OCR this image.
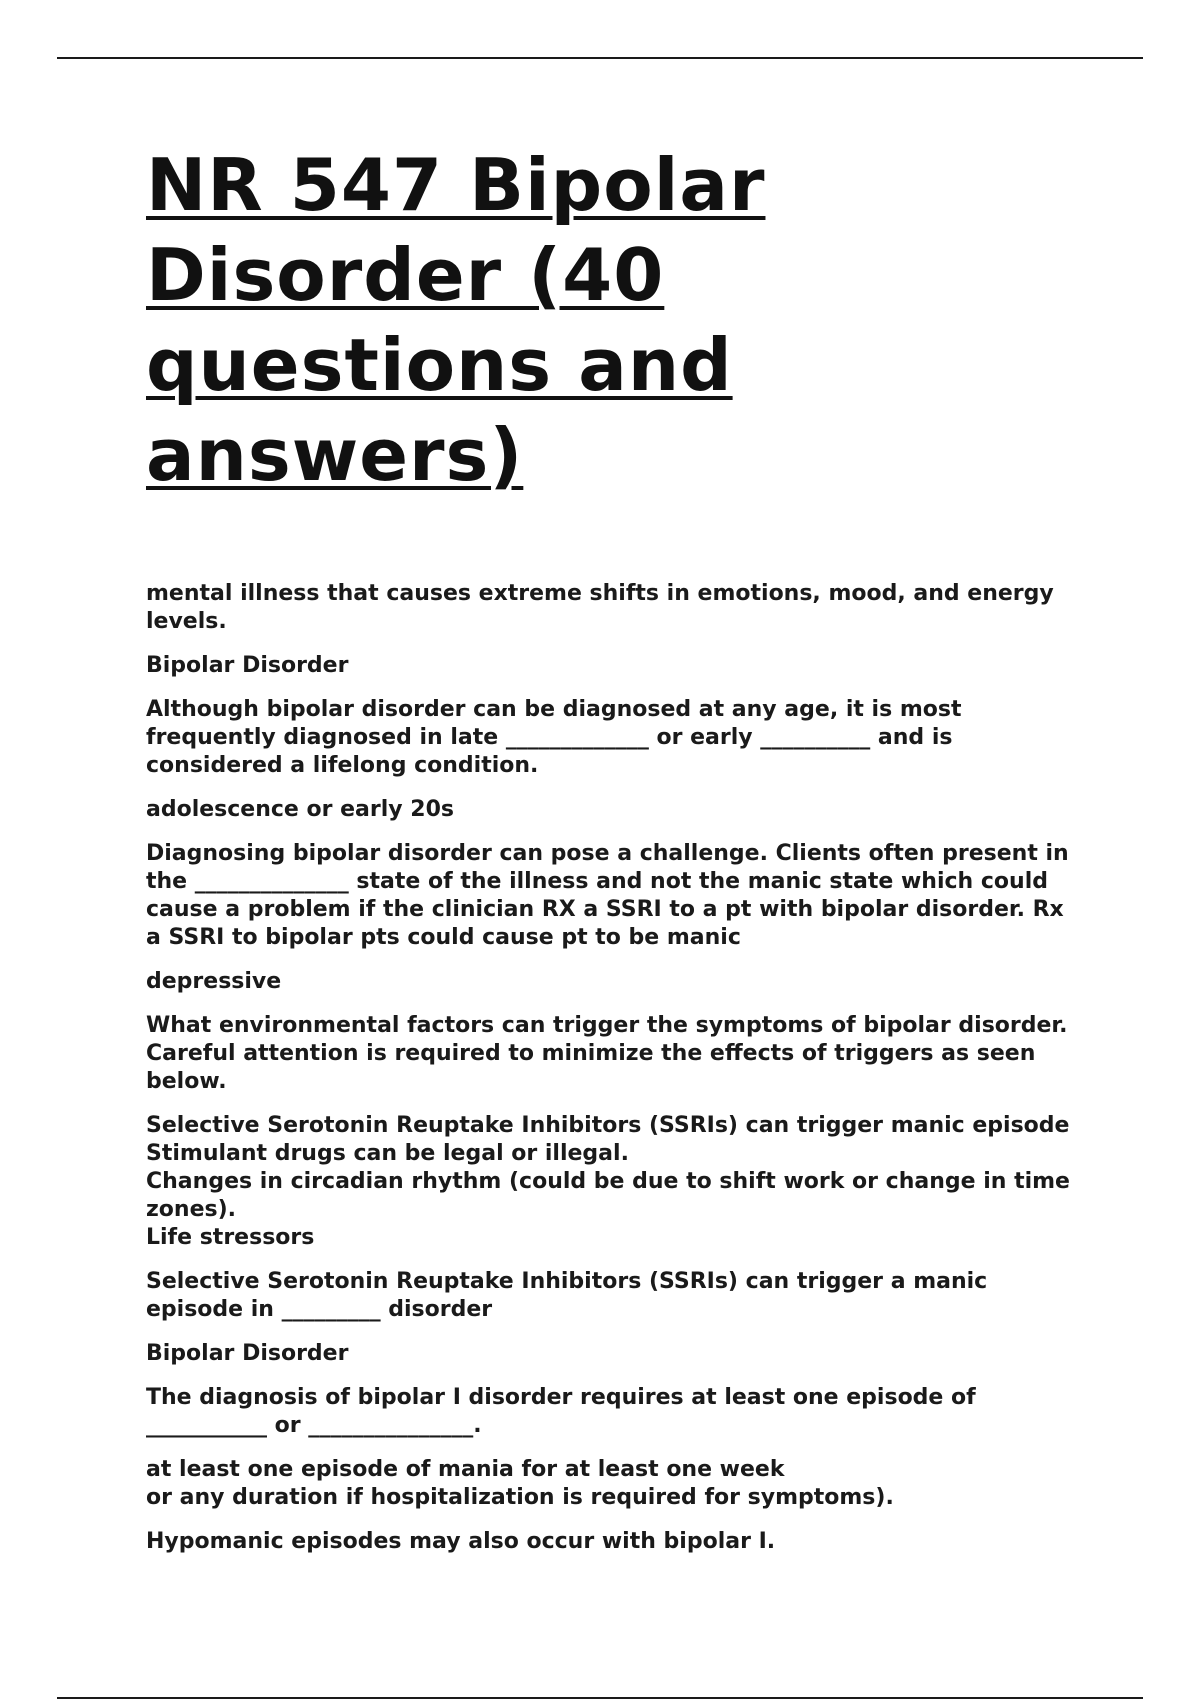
NR 547 Bipolar Disorder (40 questions and answers)

mental illness that causes extreme shifts in emotions, mood, and energy levels.

Bipolar Disorder

Although bipolar disorder can be diagnosed at any age, it is most frequently diagnosed in late _____________ or early __________ and is considered a lifelong condition.

adolescence or early 20s

Diagnosing bipolar disorder can pose a challenge. Clients often present in the ______________ state of the illness and not the manic state which could cause a problem if the clinician RX a SSRI to a pt with bipolar disorder. Rx a SSRI to bipolar pts could cause pt to be manic

depressive

What environmental factors can trigger the symptoms of bipolar disorder. Careful attention is required to minimize the effects of triggers as seen below.

Selective Serotonin Reuptake Inhibitors (SSRIs) can trigger manic episode
Stimulant drugs can be legal or illegal.
Changes in circadian rhythm (could be due to shift work or change in time zones).
Life stressors

Selective Serotonin Reuptake Inhibitors (SSRIs) can trigger a manic episode in _________ disorder

Bipolar Disorder

The diagnosis of bipolar I disorder requires at least one episode of ___________ or _______________.

at least one episode of mania for at least one week
or any duration if hospitalization is required for symptoms).

Hypomanic episodes may also occur with bipolar I.
